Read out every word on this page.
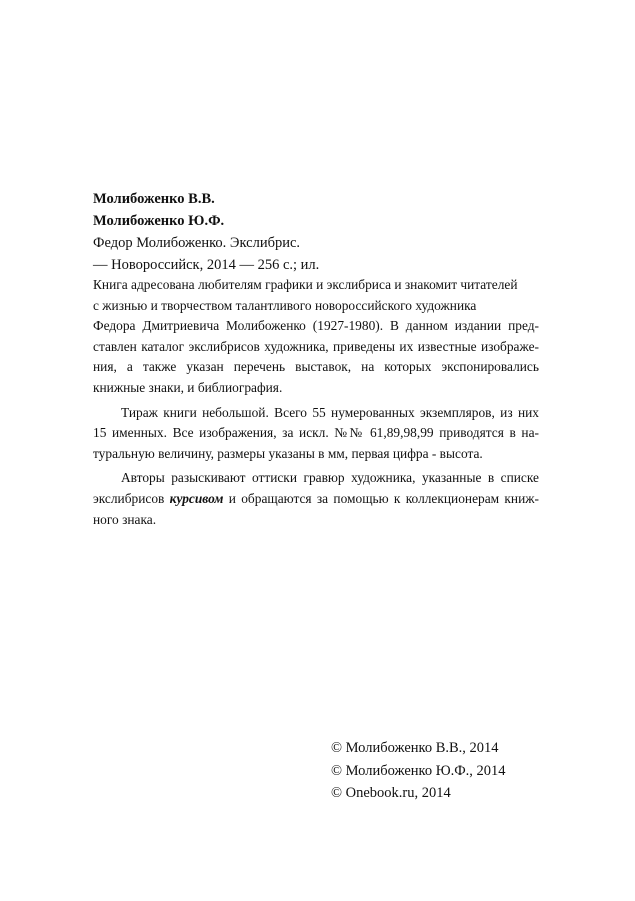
Молибоженко В.В.
Молибоженко Ю.Ф.
Федор Молибоженко. Экслибрис.
— Новороссийск, 2014 — 256 с.; ил.

Книга адресована любителям графики и экслибриса и знакомит читателей
с жизнью и творчеством талантливого новороссийского художника
Федора Дмитриевича Молибоженко (1927-1980). В данном издании представлен каталог экслибрисов художника, приведены их известные изображения, а также указан перечень выставок, на которых экспонировались книжные знаки, и библиография.

Тираж книги небольшой. Всего 55 нумерованных экземпляров, из них 15 именных. Все изображения, за искл. №№ 61,89,98,99 приводятся в натуральную величину, размеры указаны в мм, первая цифра - высота.

Авторы разыскивают оттиски гравюр художника, указанные в списке экслибрисов курсивом и обращаются за помощью к коллекционерам книжного знака.

© Молибоженко В.В., 2014
© Молибоженко Ю.Ф., 2014
© Onebook.ru, 2014
